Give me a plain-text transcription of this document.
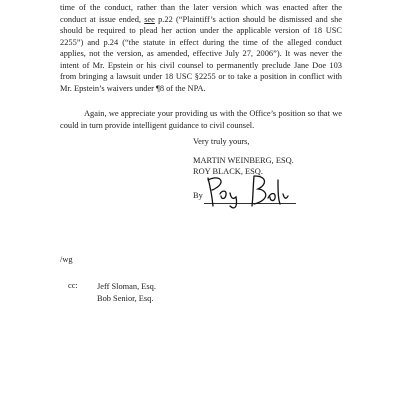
time of the conduct, rather than the later version which was enacted after the conduct at issue ended, see p.22 (“Plaintiff’s action should be dismissed and she should be required to plead her action under the applicable version of 18 USC 2255”) and p.24 (“the statute in effect during the time of the alleged conduct applies, not the version, as amended, effective July 27, 2006”). It was never the intent of Mr. Epstein or his civil counsel to permanently preclude Jane Doe 103 from bringing a lawsuit under 18 USC §2255 or to take a position in conflict with Mr. Epstein’s waivers under ¶8 of the NPA.

Again, we appreciate your providing us with the Office’s position so that we could in turn provide intelligent guidance to civil counsel.

Very truly yours,
MARTIN WEINBERG, ESQ.
ROY BLACK, ESQ.
By
/wg
cc: Jeff Sloman, Esq.
Bob Senior, Esq.
